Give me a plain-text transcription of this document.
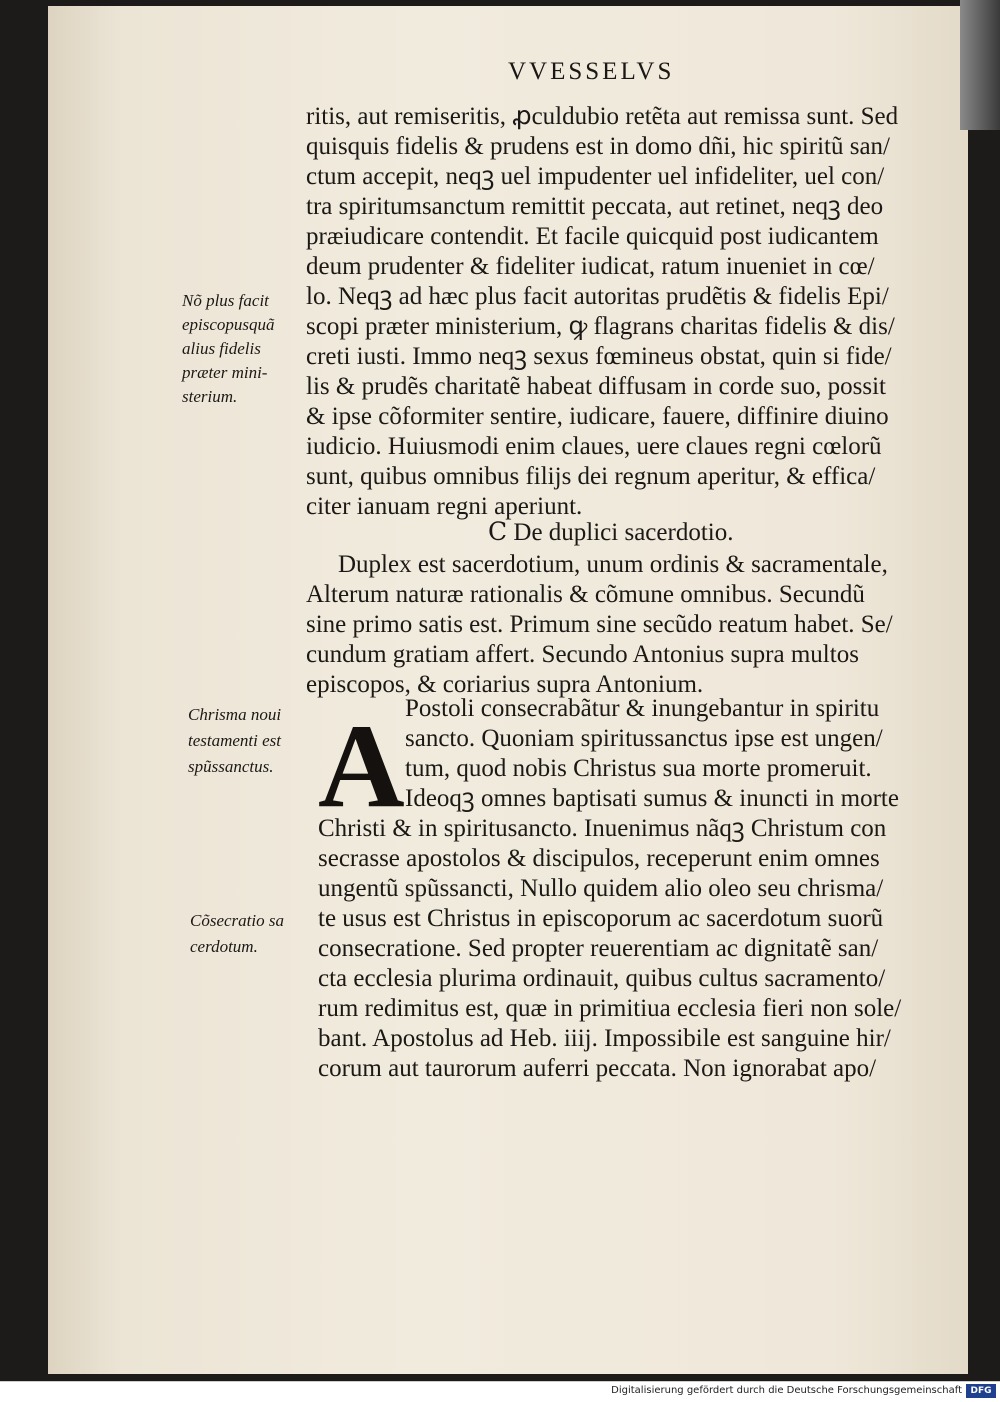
VVESSELVS
ritis, aut remiseritis, ꝓculdubio retẽta aut remissa sunt. Sed
quisquis fidelis & prudens est in domo dñi, hic spiritũ san/
ctum accepit, neqꝫ uel impudenter uel infideliter, uel con/
tra spiritumsanctum remittit peccata, aut retinet, neqꝫ deo
præiudicare contendit. Et facile quicquid post iudicantem
deum prudenter & fideliter iudicat, ratum inueniet in cœ/
lo. Neqꝫ ad hæc plus facit autoritas prudẽtis & fidelis Epi/
scopi præter ministerium, ꝙ flagrans charitas fidelis & dis/
creti iusti. Immo neqꝫ sexus fœmineus obstat, quin si fide/
lis & prudẽs charitatẽ habeat diffusam in corde suo, possit
& ipse cõformiter sentire, iudicare, fauere, diffinire diuino
iudicio. Huiusmodi enim claues, uere claues regni cœlorũ
sunt, quibus omnibus filijs dei regnum aperitur, & effica/
citer ianuam regni aperiunt.
Ⅽ De duplici sacerdotio.
Duplex est sacerdotium, unum ordinis & sacramentale,
Alterum naturæ rationalis & cõmune omnibus. Secundũ
sine primo satis est. Primum sine secũdo reatum habet. Se/
cundum gratiam affert. Secundo Antonius supra multos
episcopos, & coriarius supra Antonium.
A Postoli consecrabãtur & inungebantur in spiritu
sancto. Quoniam spiritussanctus ipse est ungen/
tum, quod nobis Christus sua morte promeruit.
Ideoqꝫ omnes baptisati sumus & inuncti in morte
Christi & in spiritusancto. Inuenimus nãqꝫ Christum con
secrasse apostolos & discipulos, receperunt enim omnes
ungentũ spũssancti, Nullo quidem alio oleo seu chrisma/
te usus est Christus in episcoporum ac sacerdotum suorũ
consecratione. Sed propter reuerentiam ac dignitatẽ san/
cta ecclesia plurima ordinauit, quibus cultus sacramento/
rum redimitus est, quæ in primitiua ecclesia fieri non sole/
bant. Apostolus ad Heb. iiij. Impossibile est sanguine hir/
corum aut taurorum auferri peccata. Non ignorabat apo/
Nõ plus facit
episcopusquã
alius fidelis
præter mini-
sterium.
Chrisma noui
testamenti est
spũssanctus.
Cõsecratio sa
cerdotum.
Digitalisierung gefördert durch die Deutsche Forschungsgemeinschaft DFG
